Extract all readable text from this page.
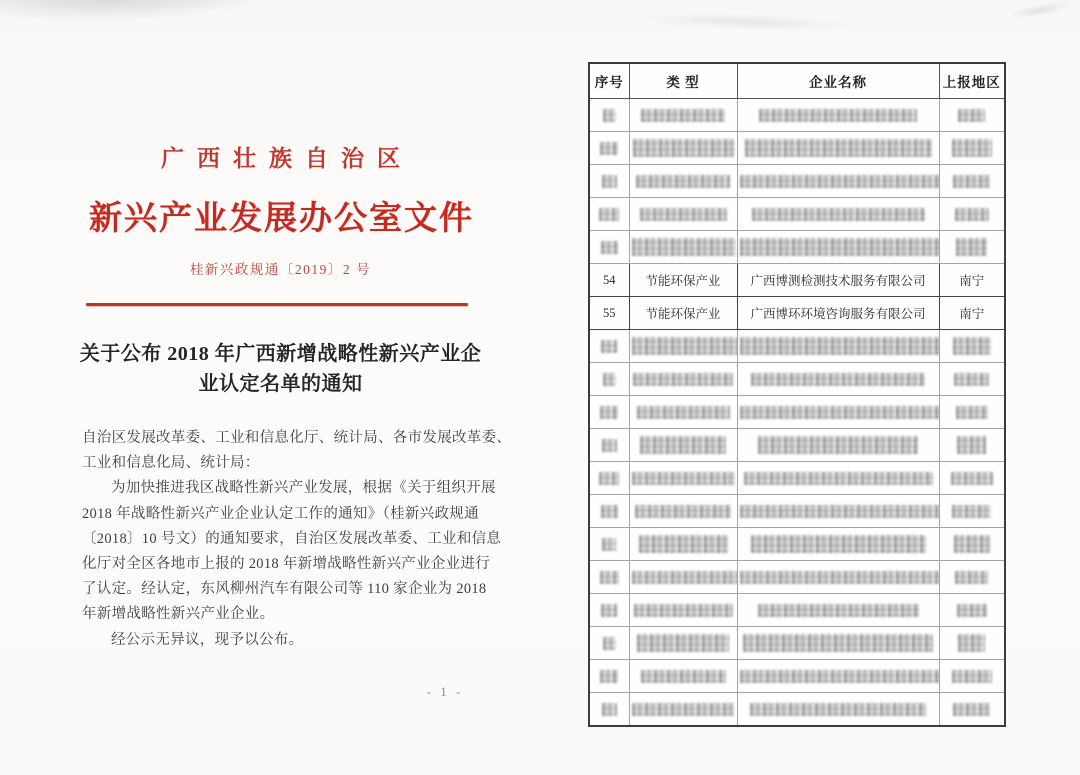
广西壮族自治区
新兴产业发展办公室文件
桂新兴政规通〔2019〕2 号
关于公布 2018 年广西新增战略性新兴产业企
业认定名单的通知
自治区发展改革委、工业和信息化厅、统计局、各市发展改革委、
工业和信息化局、统计局：
为加快推进我区战略性新兴产业发展，根据《关于组织开展
2018 年战略性新兴产业企业认定工作的通知》（桂新兴政规通
〔2018〕10 号文）的通知要求，自治区发展改革委、工业和信息
化厅对全区各地市上报的 2018 年新增战略性新兴产业企业进行
了认定。经认定，东风柳州汽车有限公司等 110 家企业为 2018
年新增战略性新兴产业企业。
经公示无异议，现予以公布。
- 1 -
序号	类 型	企业名称	上报地区

54	节能环保产业	广西博测检测技术服务有限公司	南宁
55	节能环保产业	广西博环环境咨询服务有限公司	南宁
